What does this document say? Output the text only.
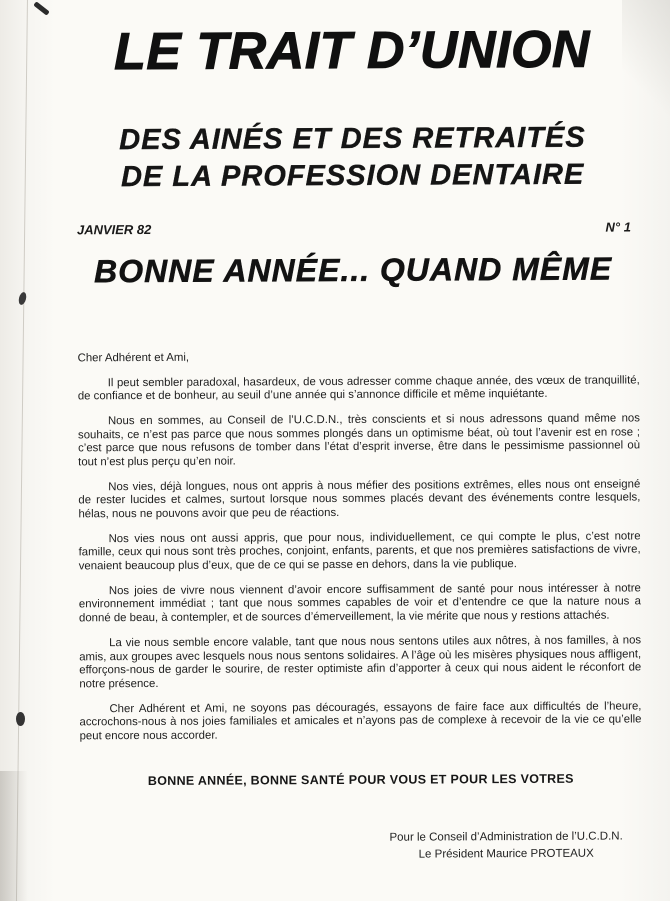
LE TRAIT D’UNION
DES AINÉS ET DES RETRAITÉS
DE LA PROFESSION DENTAIRE
JANVIER 82	N° 1
BONNE ANNÉE... QUAND MÊME

Cher Adhérent et Ami,

Il peut sembler paradoxal, hasardeux, de vous adresser comme chaque année, des vœux de tranquillité, de confiance et de bonheur, au seuil d’une année qui s’annonce difficile et même inquiétante.

Nous en sommes, au Conseil de l’U.C.D.N., très conscients et si nous adressons quand même nos souhaits, ce n’est pas parce que nous sommes plongés dans un optimisme béat, où tout l’avenir est en rose ; c’est parce que nous refusons de tomber dans l’état d’esprit inverse, être dans le pessimisme passionnel où tout n’est plus perçu qu’en noir.

Nos vies, déjà longues, nous ont appris à nous méfier des positions extrêmes, elles nous ont enseigné de rester lucides et calmes, surtout lorsque nous sommes placés devant des événements contre lesquels, hélas, nous ne pouvons avoir que peu de réactions.

Nos vies nous ont aussi appris, que pour nous, individuellement, ce qui compte le plus, c’est notre famille, ceux qui nous sont très proches, conjoint, enfants, parents, et que nos premières satisfactions de vivre, venaient beaucoup plus d’eux, que de ce qui se passe en dehors, dans la vie publique.

Nos joies de vivre nous viennent d’avoir encore suffisamment de santé pour nous intéresser à notre environnement immédiat ; tant que nous sommes capables de voir et d’entendre ce que la nature nous a donné de beau, à contempler, et de sources d’émerveillement, la vie mérite que nous y restions attachés.

La vie nous semble encore valable, tant que nous nous sentons utiles aux nôtres, à nos familles, à nos amis, aux groupes avec lesquels nous nous sentons solidaires. A l’âge où les misères physiques nous affligent, efforçons-nous de garder le sourire, de rester optimiste afin d’apporter à ceux qui nous aident le réconfort de notre présence.

Cher Adhérent et Ami, ne soyons pas découragés, essayons de faire face aux difficultés de l’heure, accrochons-nous à nos joies familiales et amicales et n’ayons pas de complexe à recevoir de la vie ce qu’elle peut encore nous accorder.

BONNE ANNÉE, BONNE SANTÉ POUR VOUS ET POUR LES VOTRES

Pour le Conseil d’Administration de l’U.C.D.N.
Le Président Maurice PROTEAUX
